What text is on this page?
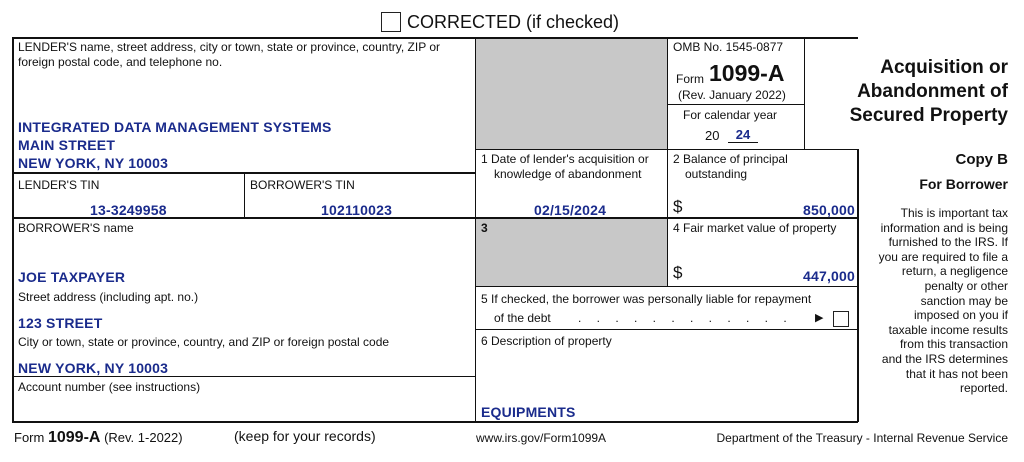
CORRECTED (if checked)
LENDER'S name, street address, city or town, state or province, country, ZIP or foreign postal code, and telephone no.
INTEGRATED DATA MANAGEMENT SYSTEMS
MAIN STREET
NEW YORK, NY 10003
LENDER'S TIN
13-3249958
BORROWER'S TIN
102110023
BORROWER'S name
JOE TAXPAYER
Street address (including apt. no.)
123 STREET
City or town, state or province, country, and ZIP or foreign postal code
NEW YORK, NY 10003
Account number (see instructions)
OMB No. 1545-0877
Form 1099-A
(Rev. January 2022)
For calendar year
20	24
Acquisition or
Abandonment of
Secured Property
Copy B
For Borrower
This is important tax
information and is being
furnished to the IRS. If
you are required to file a
return, a negligence
penalty or other
sanction may be
imposed on you if
taxable income results
from this transaction
and the IRS determines
that it has not been
reported.
1 Date of lender's acquisition or
knowledge of abandonment
02/15/2024
2 Balance of principal
outstanding
$	850,000
3	4 Fair market value of property
$	447,000
5 If checked, the borrower was personally liable for repayment
of the debt . . . . . . . . . . . . ▶
6 Description of property
EQUIPMENTS
Form 1099-A (Rev. 1-2022)	(keep for your records)	www.irs.gov/Form1099A	Department of the Treasury - Internal Revenue Service
